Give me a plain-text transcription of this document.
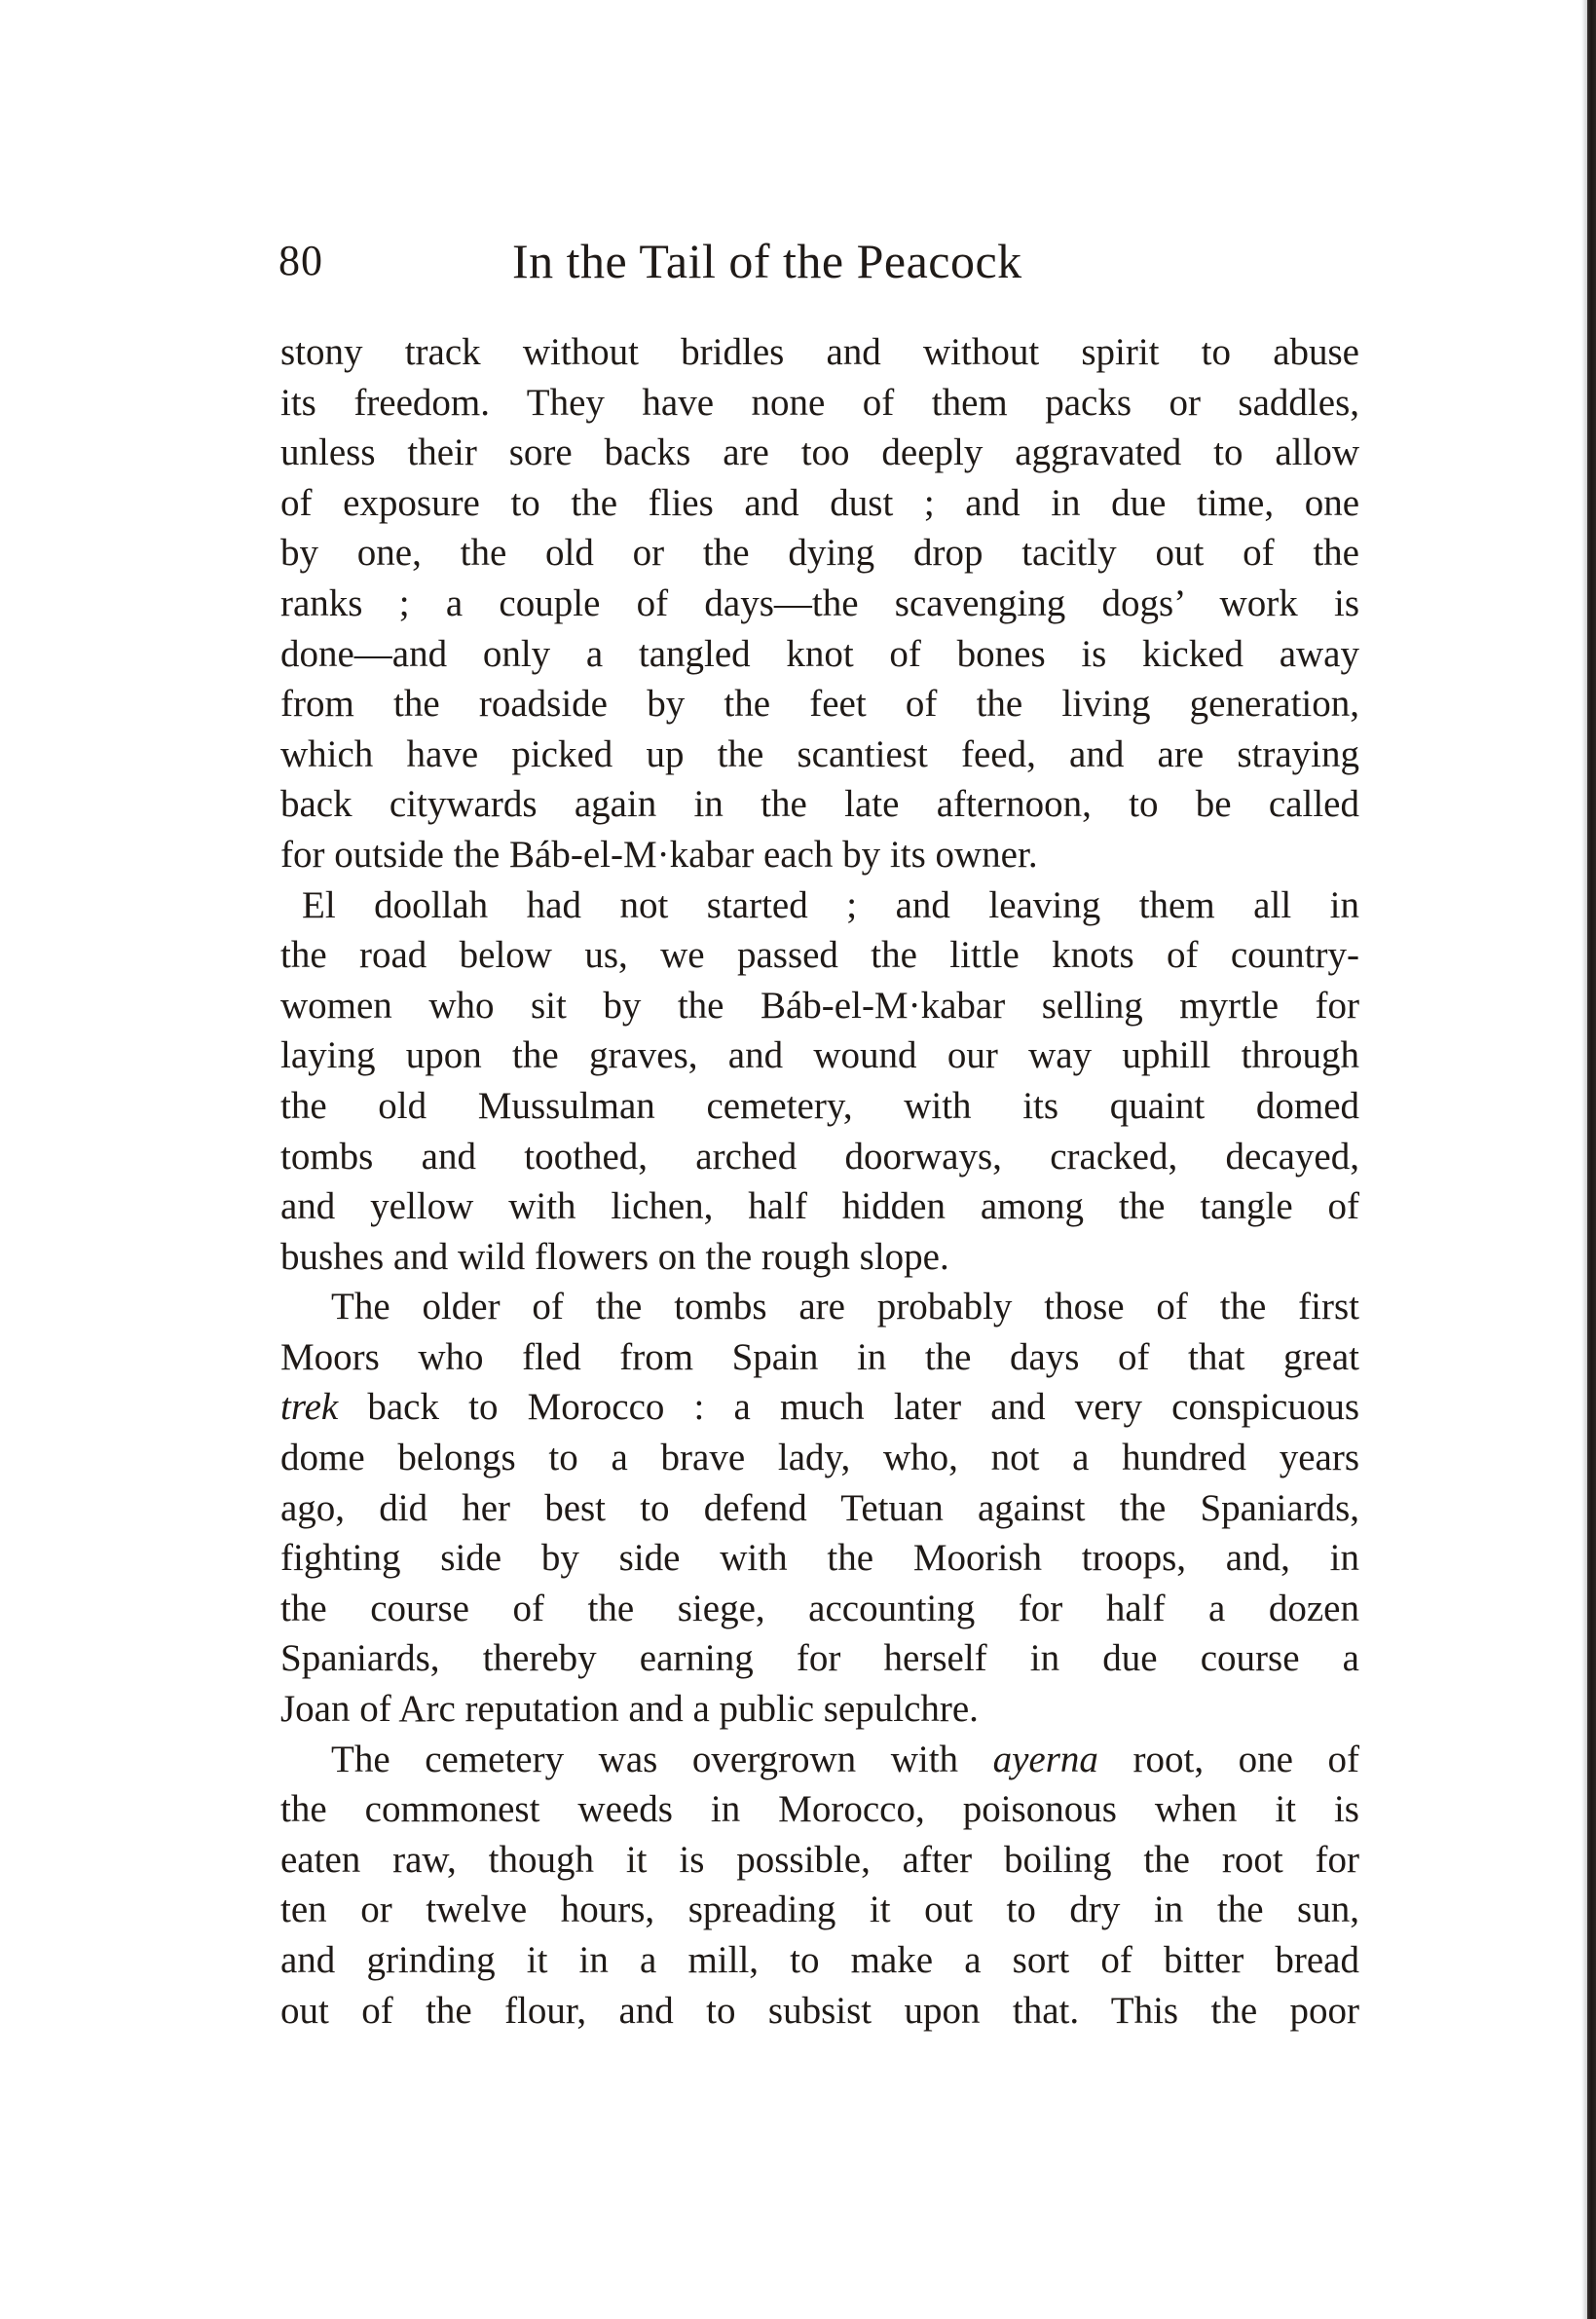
80	In the Tail of the Peacock
stony track without bridles and without spirit to abuse
its freedom. They have none of them packs or saddles,
unless their sore backs are too deeply aggravated to allow
of exposure to the flies and dust ; and in due time, one
by one, the old or the dying drop tacitly out of the
ranks ; a couple of days—the scavenging dogs’ work is
done—and only a tangled knot of bones is kicked away
from the roadside by the feet of the living generation,
which have picked up the scantiest feed, and are straying
back citywards again in the late afternoon, to be called
for outside the Báb-el-M·kabar each by its owner.
El doollah had not started ; and leaving them all in
the road below us, we passed the little knots of country-
women who sit by the Báb-el-M·kabar selling myrtle for
laying upon the graves, and wound our way uphill through
the old Mussulman cemetery, with its quaint domed
tombs and toothed, arched doorways, cracked, decayed,
and yellow with lichen, half hidden among the tangle of
bushes and wild flowers on the rough slope.
The older of the tombs are probably those of the first
Moors who fled from Spain in the days of that great
trek back to Morocco : a much later and very conspicuous
dome belongs to a brave lady, who, not a hundred years
ago, did her best to defend Tetuan against the Spaniards,
fighting side by side with the Moorish troops, and, in
the course of the siege, accounting for half a dozen
Spaniards, thereby earning for herself in due course a
Joan of Arc reputation and a public sepulchre.
The cemetery was overgrown with ayerna root, one of
the commonest weeds in Morocco, poisonous when it is
eaten raw, though it is possible, after boiling the root for
ten or twelve hours, spreading it out to dry in the sun,
and grinding it in a mill, to make a sort of bitter bread
out of the flour, and to subsist upon that. This the poor
